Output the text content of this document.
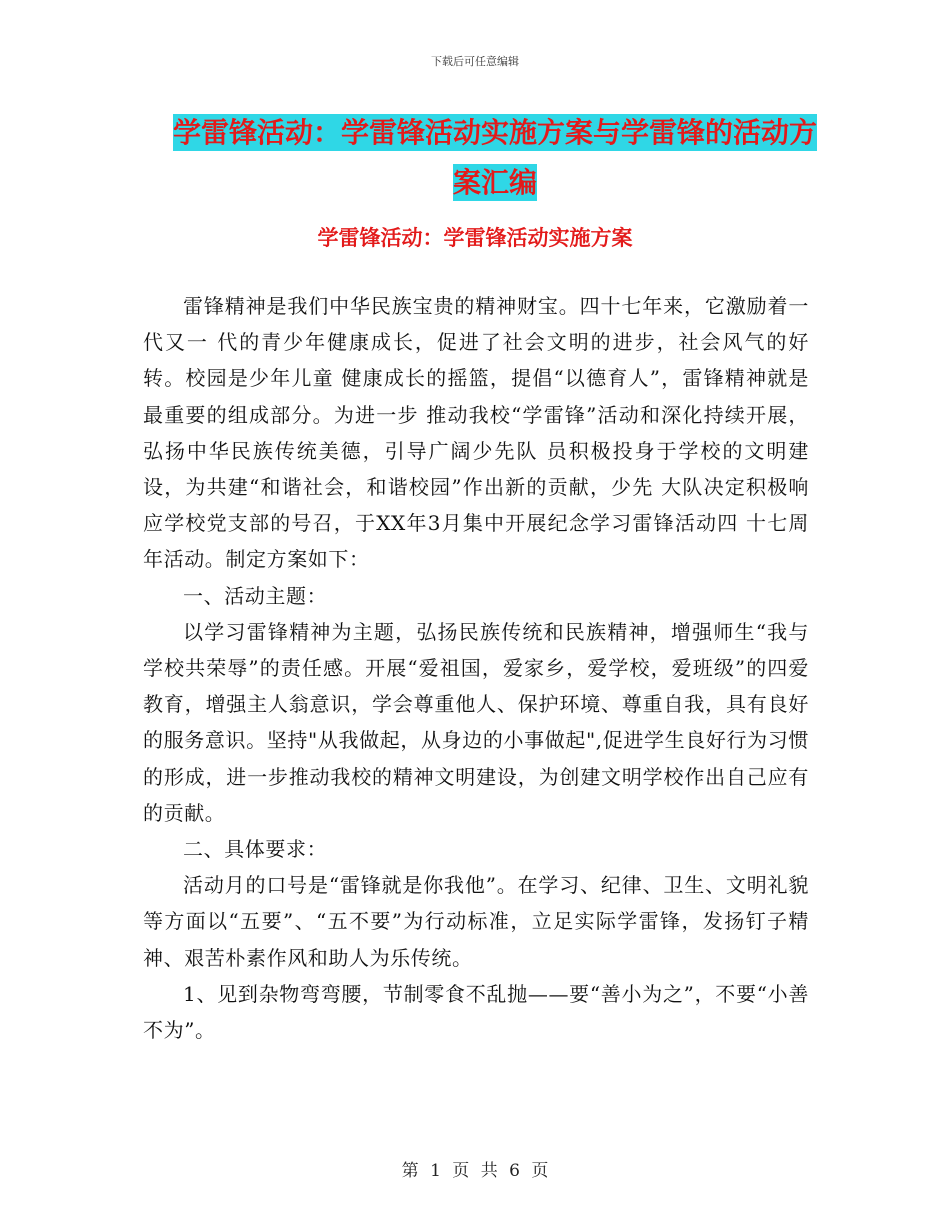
下载后可任意编辑
学雷锋活动：学雷锋活动实施方案与学雷锋的活动方
案汇编
学雷锋活动：学雷锋活动实施方案

雷锋精神是我们中华民族宝贵的精神财宝。四十七年来，它激励着一代又一 代的青少年健康成长，促进了社会文明的进步，社会风气的好转。校园是少年儿童 健康成长的摇篮，提倡“以德育人”，雷锋精神就是最重要的组成部分。为进一步 推动我校“学雷锋”活动和深化持续开展，弘扬中华民族传统美德，引导广阔少先队 员积极投身于学校的文明建设，为共建“和谐社会，和谐校园”作出新的贡献，少先 大队决定积极响应学校党支部的号召，于XX年3月集中开展纪念学习雷锋活动四 十七周年活动。制定方案如下：

一、活动主题：

以学习雷锋精神为主题，弘扬民族传统和民族精神，增强师生“我与学校共荣辱”的责任感。开展“爱祖国，爱家乡，爱学校，爱班级”的四爱教育，增强主人翁意识，学会尊重他人、保护环境、尊重自我，具有良好的服务意识。坚持"从我做起，从身边的小事做起",促进学生良好行为习惯的形成，进一步推动我校的精神文明建设，为创建文明学校作出自己应有的贡献。

二、具体要求：

活动月的口号是“雷锋就是你我他”。在学习、纪律、卫生、文明礼貌等方面以“五要”、“五不要”为行动标准，立足实际学雷锋，发扬钉子精神、艰苦朴素作风和助人为乐传统。

1、见到杂物弯弯腰，节制零食不乱抛——要“善小为之”，不要“小善不为”。

第 1 页 共 6 页
